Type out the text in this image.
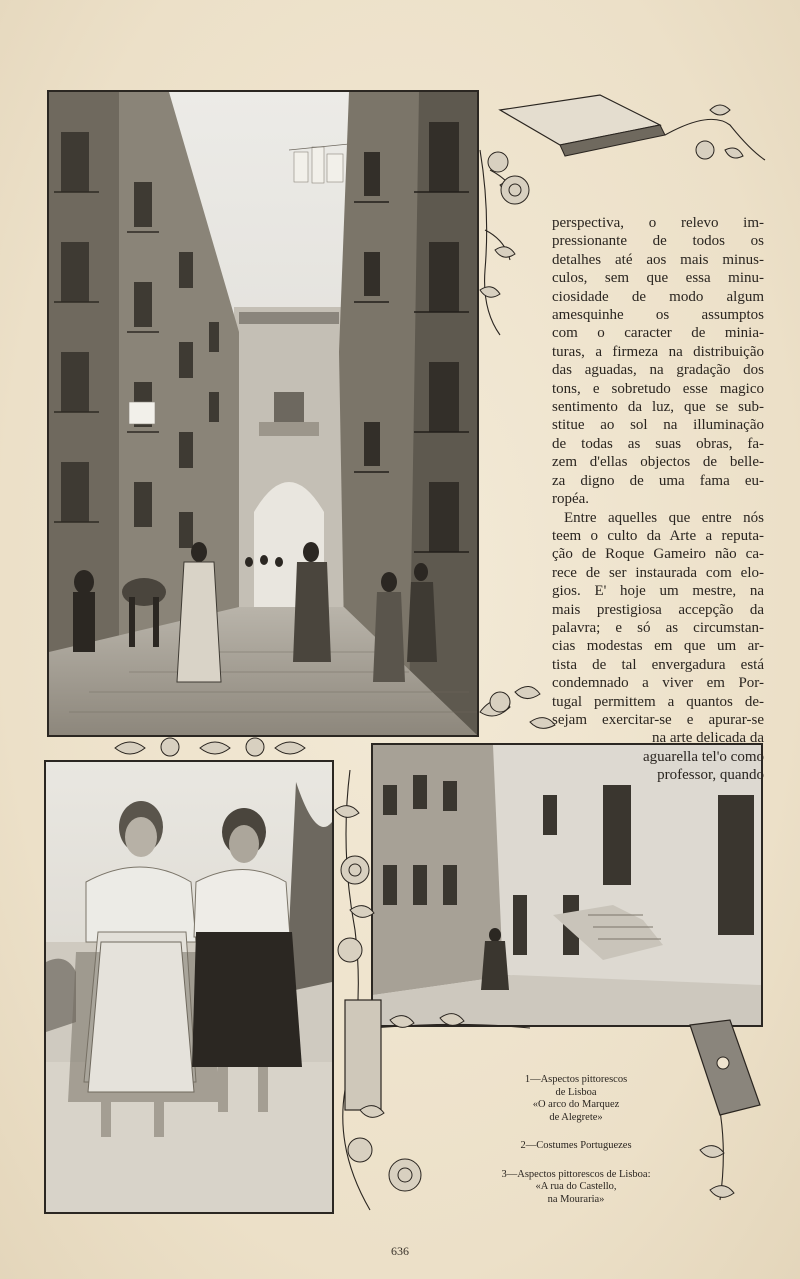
perspectiva, o relevo im-
pressionante de todos os
detalhes até aos mais minus-
culos, sem que essa minu-
ciosidade de modo algum
amesquinhe os assumptos
com o caracter de minia-
turas, a firmeza na distribuição
das aguadas, na gradação dos
tons, e sobretudo esse magico
sentimento da luz, que se sub-
stitue ao sol na illuminação
de todas as suas obras, fa-
zem d'ellas objectos de belle-
za digno de uma fama eu-
ropéa.
Entre aquelles que entre nós
teem o culto da Arte a reputa-
ção de Roque Gameiro não ca-
rece de ser instaurada com elo-
gios. E' hoje um mestre, na
mais prestigiosa accepção da
palavra; e só as circumstan-
cias modestas em que um ar-
tista de tal envergadura está
condemnado a viver em Por-
tugal permittem a quantos de-
sejam exercitar-se e apurar-se
na arte delicada da
aguarella tel'o como
professor, quando
1—Aspectos pittorescos
de Lisboa
«O arco do Marquez
de Alegrete»
2—Costumes Portuguezes
3—Aspectos pittorescos de Lisboa:
«A rua do Castello,
na Mouraria»
636
